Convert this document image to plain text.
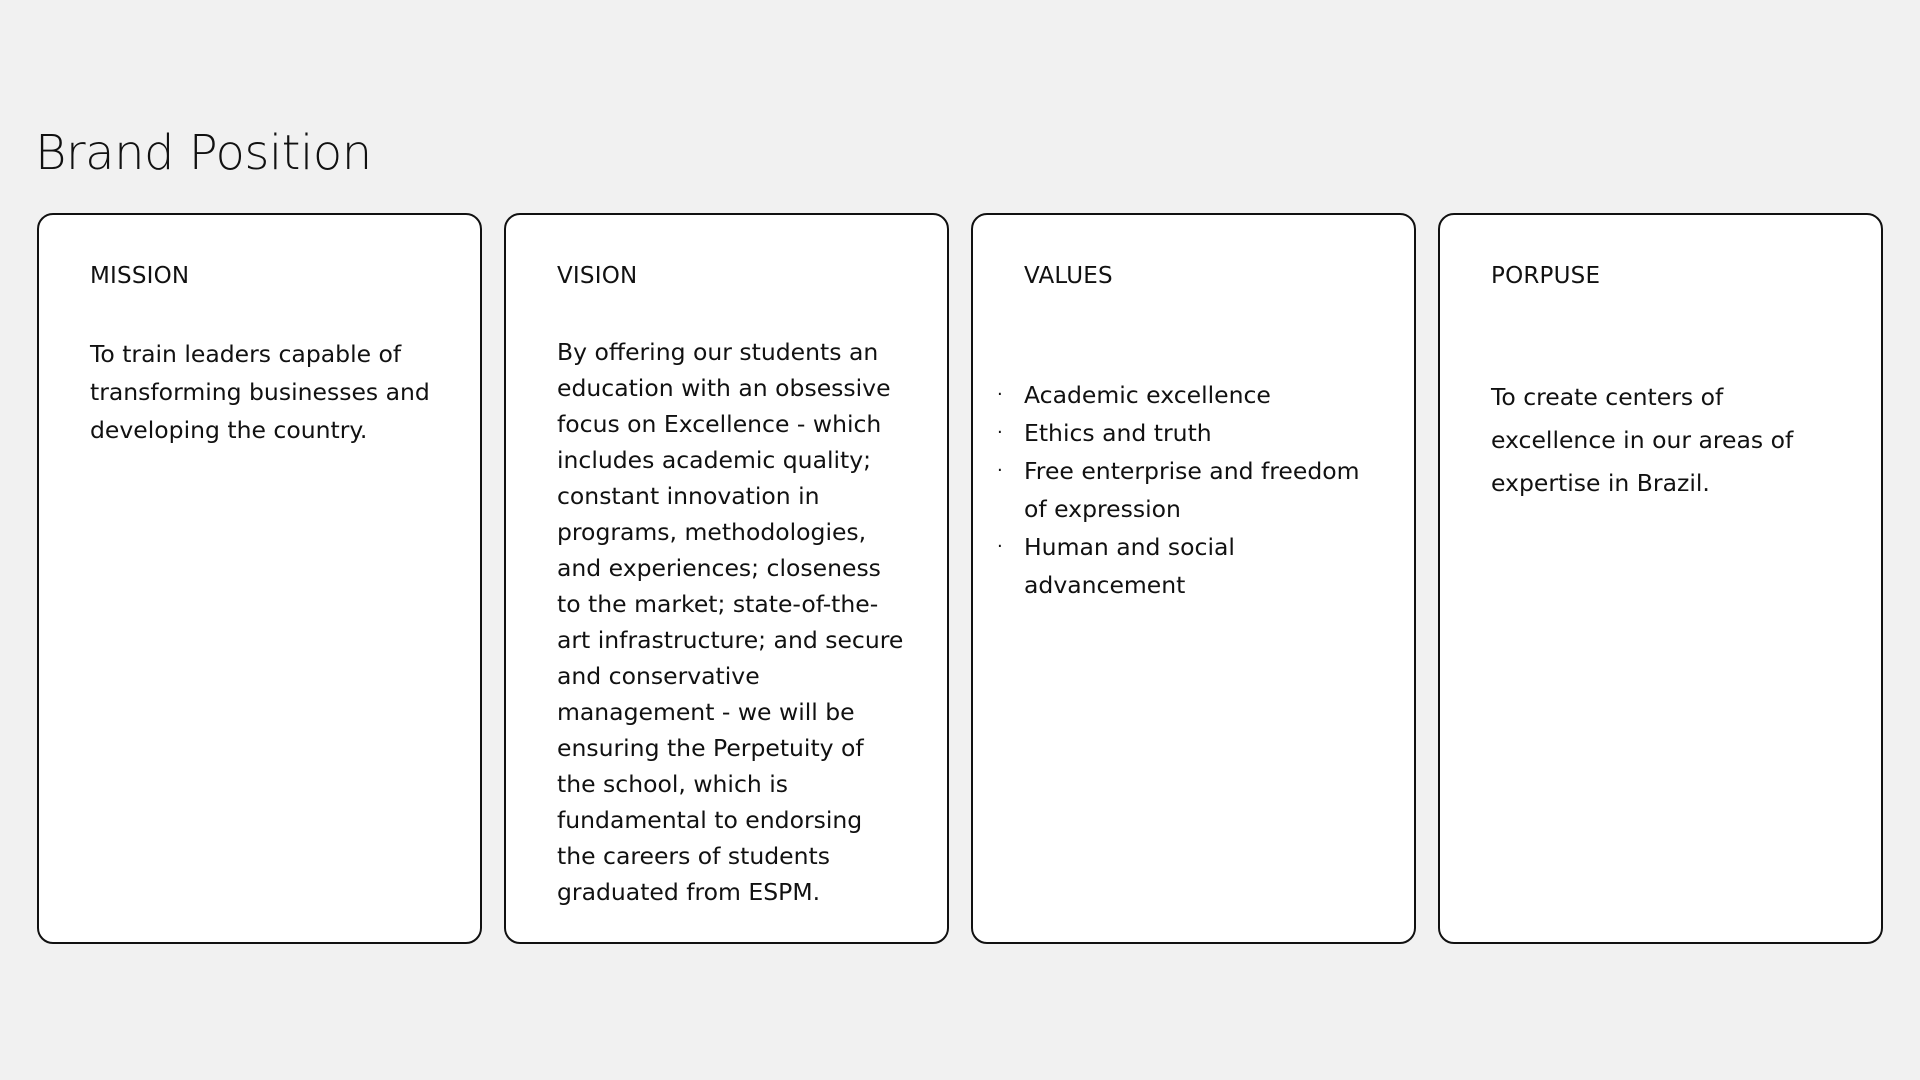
Brand Position
MISSION

To train leaders capable of transforming businesses and developing the country.

VISION

By offering our students an education with an obsessive focus on Excellence - which includes academic quality; constant innovation in programs, methodologies, and experiences; closeness to the market; state-of-the-art infrastructure; and secure and conservative management - we will be ensuring the Perpetuity of the school, which is fundamental to endorsing the careers of students graduated from ESPM.

VALUES
· Academic excellence
· Ethics and truth
· Free enterprise and freedom of expression
· Human and social advancement
PORPUSE

To create centers of excellence in our areas of expertise in Brazil.
